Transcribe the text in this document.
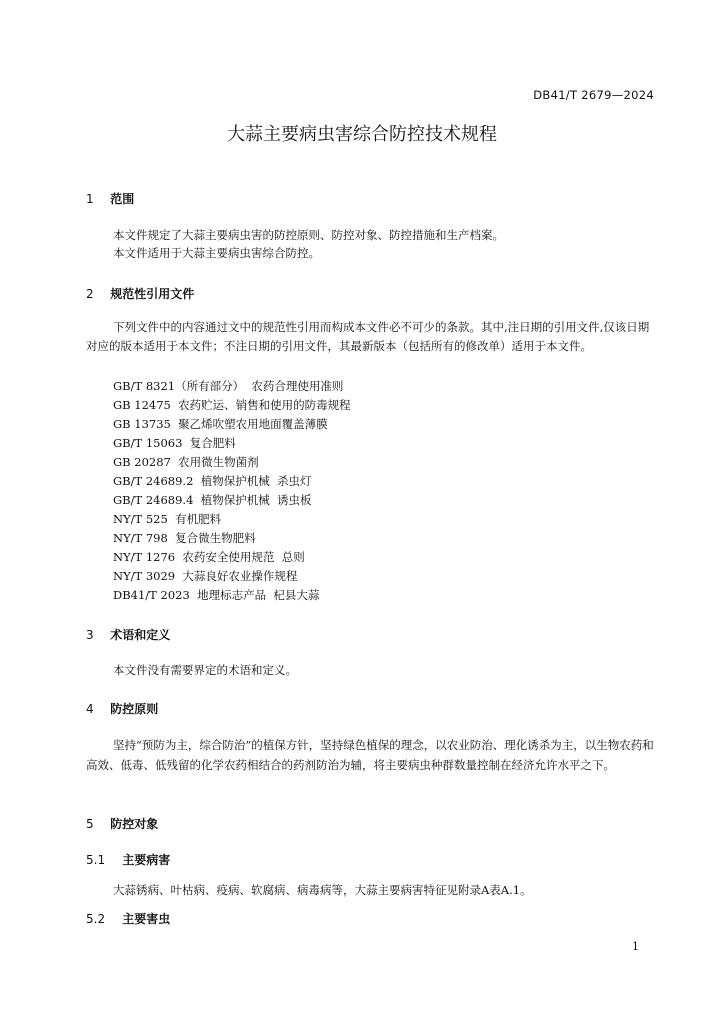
DB41/T 2679—2024
大蒜主要病虫害综合防控技术规程
1 范围
本文件规定了大蒜主要病虫害的防控原则、防控对象、防控措施和生产档案。
本文件适用于大蒜主要病虫害综合防控。
2 规范性引用文件
下列文件中的内容通过文中的规范性引用而构成本文件必不可少的条款。其中,注日期的引用文件,仅该日期对应的版本适用于本文件；不注日期的引用文件，其最新版本（包括所有的修改单）适用于本文件。
GB/T 8321（所有部分）  农药合理使用准则
GB 12475  农药贮运、销售和使用的防毒规程
GB 13735  聚乙烯吹塑农用地面覆盖薄膜
GB/T 15063  复合肥料
GB 20287  农用微生物菌剂
GB/T 24689.2  植物保护机械  杀虫灯
GB/T 24689.4  植物保护机械  诱虫板
NY/T 525  有机肥料
NY/T 798  复合微生物肥料
NY/T 1276  农药安全使用规范  总则
NY/T 3029  大蒜良好农业操作规程
DB41/T 2023  地理标志产品  杞县大蒜
3 术语和定义
本文件没有需要界定的术语和定义。
4 防控原则
坚持“预防为主，综合防治”的植保方针，坚持绿色植保的理念，以农业防治、理化诱杀为主，以生物农药和高效、低毒、低残留的化学农药相结合的药剂防治为辅，将主要病虫种群数量控制在经济允许水平之下。
5 防控对象
5.1 主要病害
大蒜锈病、叶枯病、疫病、软腐病、病毒病等，大蒜主要病害特征见附录A表A.1。
5.2 主要害虫
1
